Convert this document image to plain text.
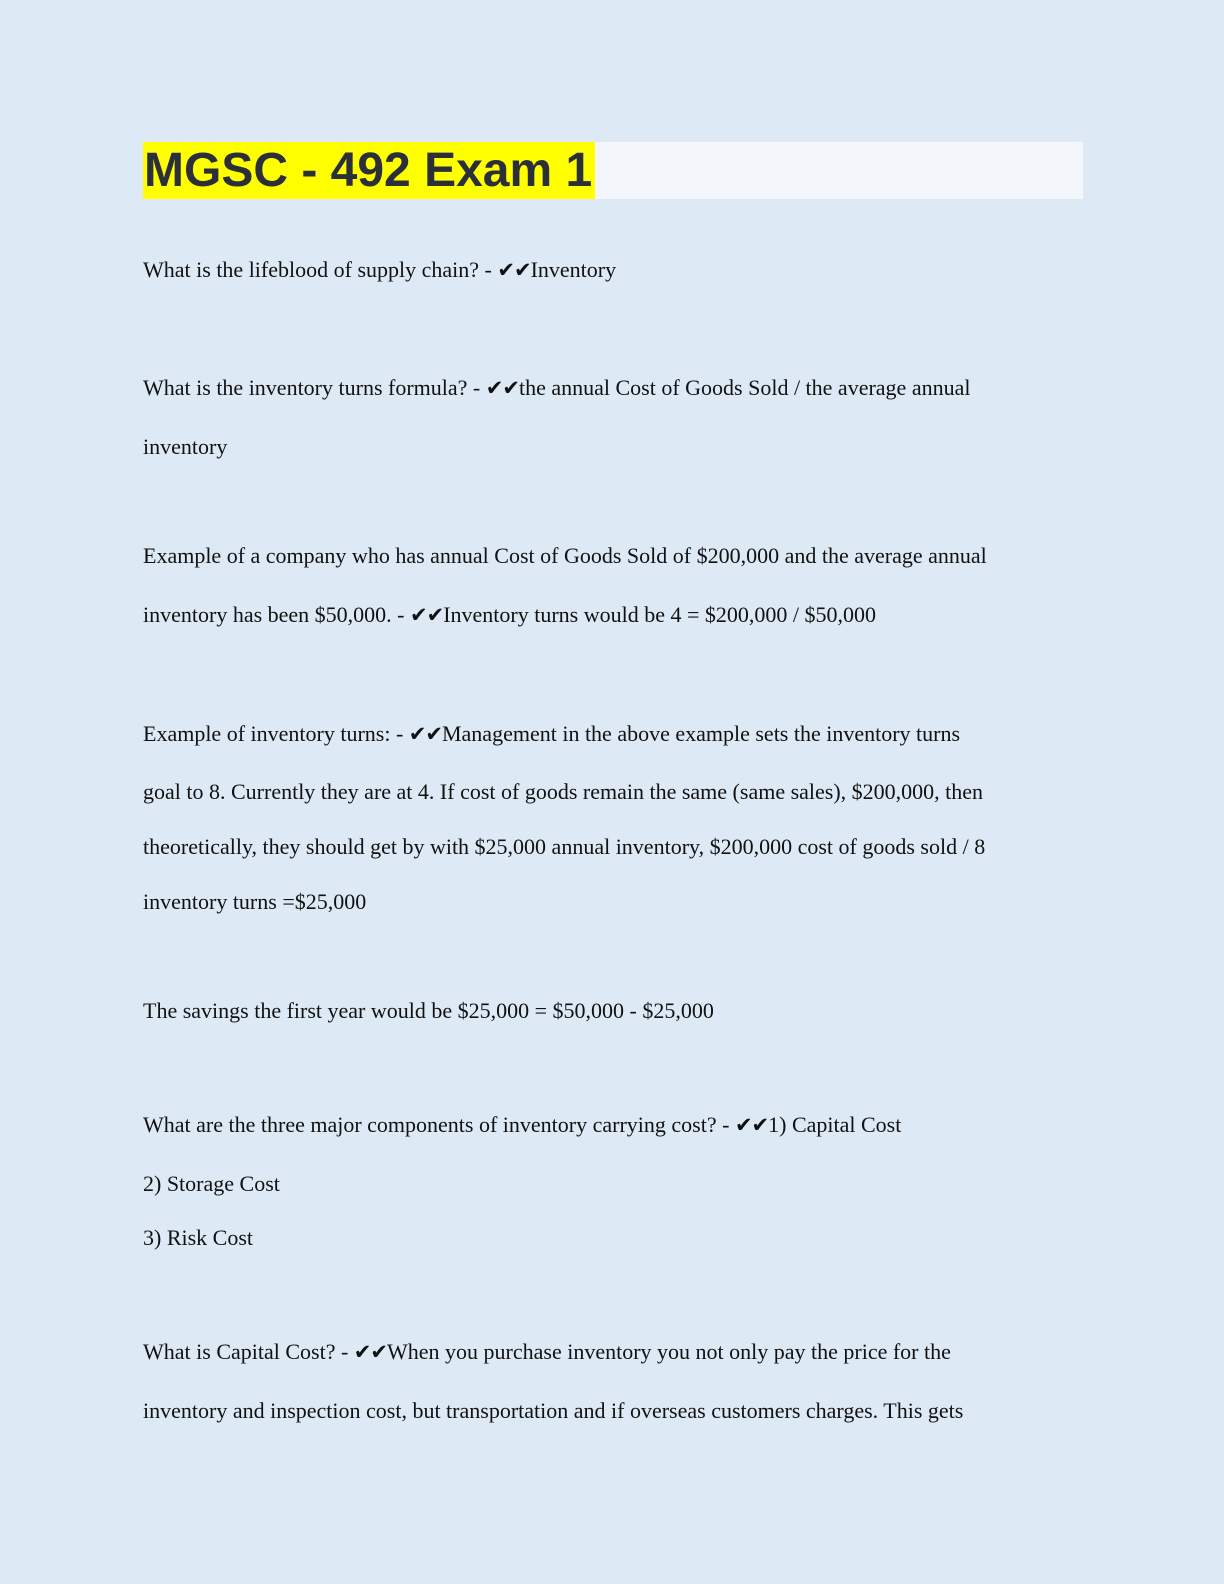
MGSC - 492 Exam 1

What is the lifeblood of supply chain? - ✔✔Inventory

What is the inventory turns formula? - ✔✔the annual Cost of Goods Sold / the average annual

inventory

Example of a company who has annual Cost of Goods Sold of $200,000 and the average annual

inventory has been $50,000. - ✔✔Inventory turns would be 4 = $200,000 / $50,000

Example of inventory turns: - ✔✔Management in the above example sets the inventory turns

goal to 8. Currently they are at 4. If cost of goods remain the same (same sales), $200,000, then

theoretically, they should get by with $25,000 annual inventory, $200,000 cost of goods sold / 8

inventory turns =$25,000

The savings the first year would be $25,000 = $50,000 - $25,000

What are the three major components of inventory carrying cost? - ✔✔1) Capital Cost

2) Storage Cost

3) Risk Cost

What is Capital Cost? - ✔✔When you purchase inventory you not only pay the price for the

inventory and inspection cost, but transportation and if overseas customers charges. This gets
